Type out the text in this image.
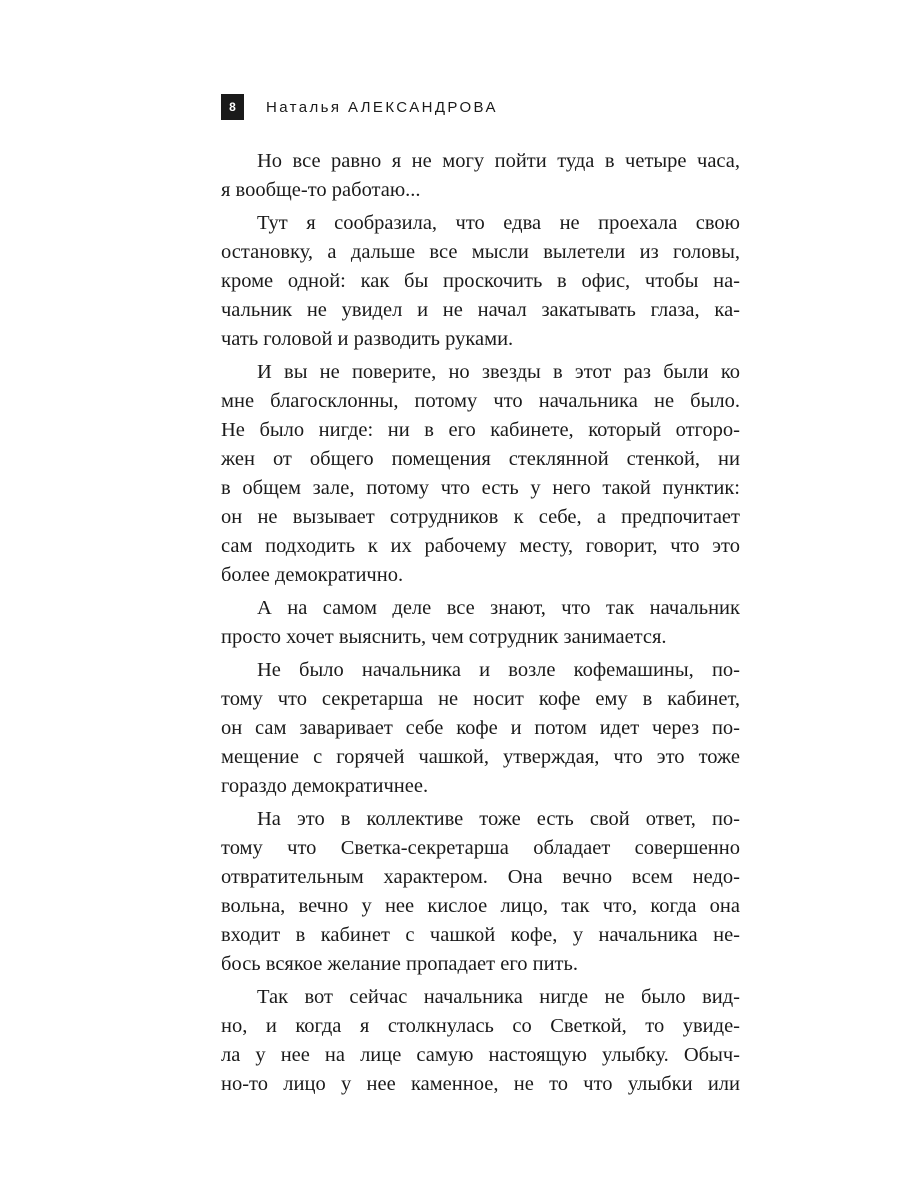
8	Наталья АЛЕКСАНДРОВА
Но все равно я не могу пойти туда в четыре часа,
я вообще-то работаю...
Тут я сообразила, что едва не проехала свою
остановку, а дальше все мысли вылетели из головы,
кроме одной: как бы проскочить в офис, чтобы на-
чальник не увидел и не начал закатывать глаза, ка-
чать головой и разводить руками.
И вы не поверите, но звезды в этот раз были ко
мне благосклонны, потому что начальника не было.
Не было нигде: ни в его кабинете, который отгоро-
жен от общего помещения стеклянной стенкой, ни
в общем зале, потому что есть у него такой пунктик:
он не вызывает сотрудников к себе, а предпочитает
сам подходить к их рабочему месту, говорит, что это
более демократично.
А на самом деле все знают, что так начальник
просто хочет выяснить, чем сотрудник занимается.
Не было начальника и возле кофемашины, по-
тому что секретарша не носит кофе ему в кабинет,
он сам заваривает себе кофе и потом идет через по-
мещение с горячей чашкой, утверждая, что это тоже
гораздо демократичнее.
На это в коллективе тоже есть свой ответ, по-
тому что Светка-секретарша обладает совершенно
отвратительным характером. Она вечно всем недо-
вольна, вечно у нее кислое лицо, так что, когда она
входит в кабинет с чашкой кофе, у начальника не-
бось всякое желание пропадает его пить.
Так вот сейчас начальника нигде не было вид-
но, и когда я столкнулась со Светкой, то увиде-
ла у нее на лице самую настоящую улыбку. Обыч-
но-то лицо у нее каменное, не то что улыбки или
